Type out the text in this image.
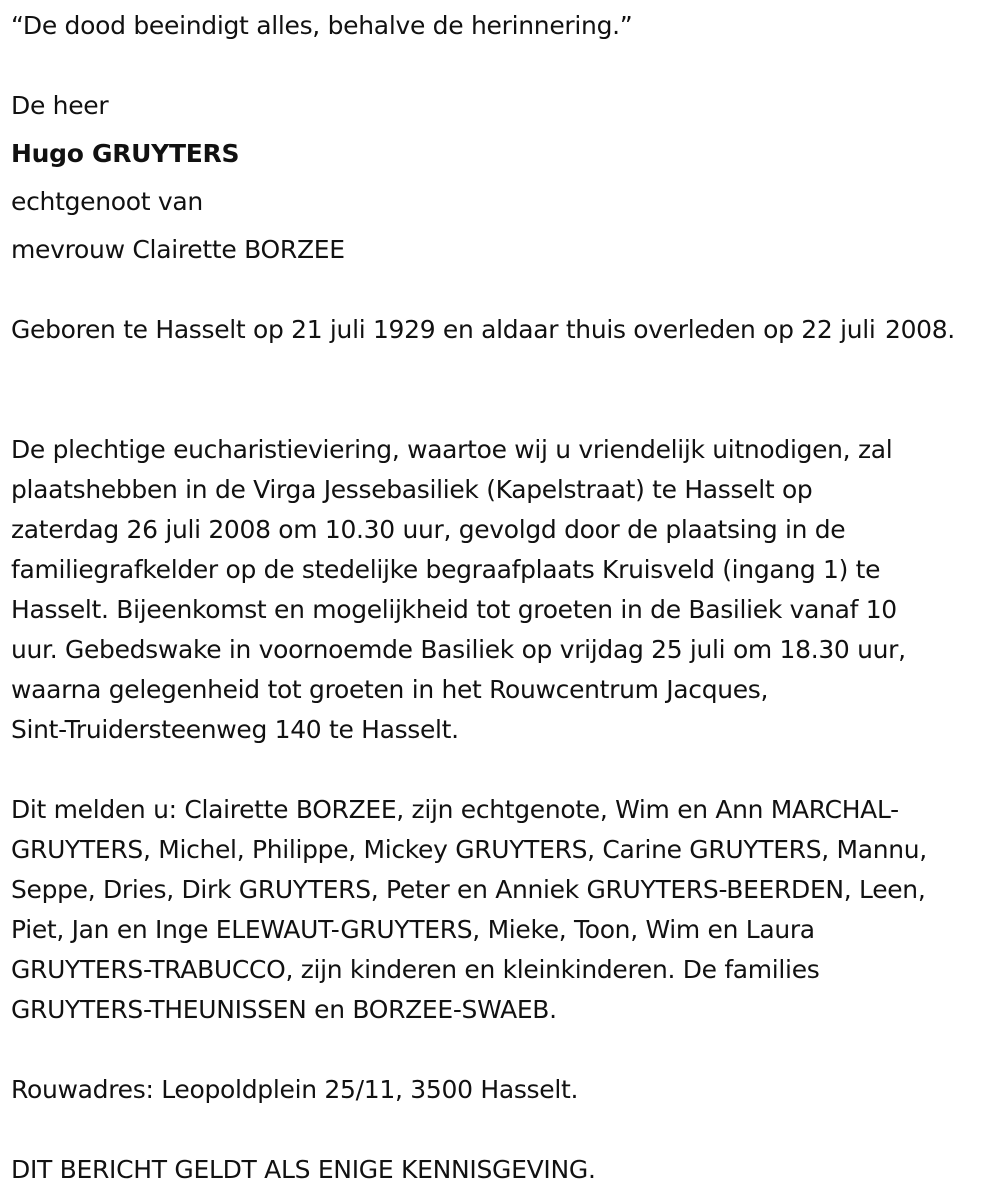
“De dood beeindigt alles, behalve de herinnering.”
De heer
Hugo GRUYTERS
echtgenoot van
mevrouw Clairette BORZEE
Geboren te Hasselt op 21 juli 1929 en aldaar thuis overleden op 22 juli 2008.
De plechtige eucharistieviering, waartoe wij u vriendelijk uitnodigen, zal plaatshebben in de Virga Jessebasiliek (Kapelstraat) te Hasselt op zaterdag 26 juli 2008 om 10.30 uur, gevolgd door de plaatsing in de familiegrafkelder op de stedelijke begraafplaats Kruisveld (ingang 1) te Hasselt. Bijeenkomst en mogelijkheid tot groeten in de Basiliek vanaf 10 uur. Gebedswake in voornoemde Basiliek op vrijdag 25 juli om 18.30 uur, waarna gelegenheid tot groeten in het Rouwcentrum Jacques, Sint-Truidersteenweg 140 te Hasselt.
Dit melden u: Clairette BORZEE, zijn echtgenote, Wim en Ann MARCHAL- GRUYTERS, Michel, Philippe, Mickey GRUYTERS, Carine GRUYTERS, Mannu, Seppe, Dries, Dirk GRUYTERS, Peter en Anniek GRUYTERS-BEERDEN, Leen, Piet, Jan en Inge ELEWAUT-GRUYTERS, Mieke, Toon, Wim en Laura GRUYTERS-TRABUCCO, zijn kinderen en kleinkinderen. De families GRUYTERS-THEUNISSEN en BORZEE-SWAEB.
Rouwadres: Leopoldplein 25/11, 3500 Hasselt.
DIT BERICHT GELDT ALS ENIGE KENNISGEVING.
